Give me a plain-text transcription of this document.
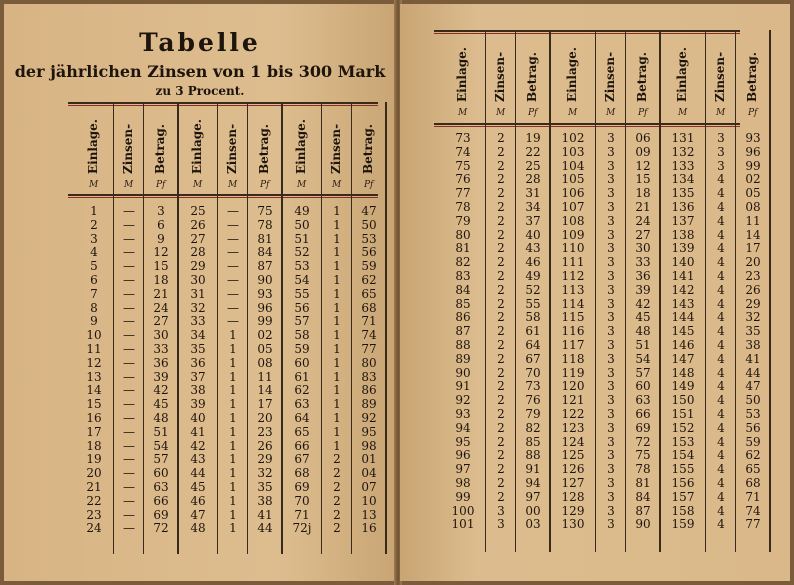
Tabelle
der jährlichen Zinsen von 1 bis 300 Mark
zu 3 Procent.
Einlage.
M
1
2
3
4
5
6
7
8
9
10
11
12
13
14
15
16
17
18
19
20
21
22
23
24
Zinsen-
M
—
—
—
—
—
—
—
—
—
—
—
—
—
—
—
—
—
—
—
—
—
—
—
—
Betrag.
Pf
3
6
9
12
15
18
21
24
27
30
33
36
39
42
45
48
51
54
57
60
63
66
69
72
Einlage.
M
25
26
27
28
29
30
31
32
33
34
35
36
37
38
39
40
41
42
43
44
45
46
47
48
Zinsen-
M
—
—
—
—
—
—
—
—
—
1
1
1
1
1
1
1
1
1
1
1
1
1
1
1
Betrag.
Pf
75
78
81
84
87
90
93
96
99
02
05
08
11
14
17
20
23
26
29
32
35
38
41
44
Einlage.
M
49
50
51
52
53
54
55
56
57
58
59
60
61
62
63
64
65
66
67
68
69
70
71
72j
Zinsen-
M
1
1
1
1
1
1
1
1
1
1
1
1
1
1
1
1
1
1
2
2
2
2
2
2
Betrag.
Pf
47
50
53
56
59
62
65
68
71
74
77
80
83
86
89
92
95
98
01
04
07
10
13
16
Einlage.
M
73
74
75
76
77
78
79
80
81
82
83
84
85
86
87
88
89
90
91
92
93
94
95
96
97
98
99
100
101
Zinsen-
M
2
2
2
2
2
2
2
2
2
2
2
2
2
2
2
2
2
2
2
2
2
2
2
2
2
2
2
3
3
Betrag.
Pf
19
22
25
28
31
34
37
40
43
46
49
52
55
58
61
64
67
70
73
76
79
82
85
88
91
94
97
00
03
Einlage.
M
102
103
104
105
106
107
108
109
110
111
112
113
114
115
116
117
118
119
120
121
122
123
124
125
126
127
128
129
130
Zinsen-
M
3
3
3
3
3
3
3
3
3
3
3
3
3
3
3
3
3
3
3
3
3
3
3
3
3
3
3
3
3
Betrag.
Pf
06
09
12
15
18
21
24
27
30
33
36
39
42
45
48
51
54
57
60
63
66
69
72
75
78
81
84
87
90
Einlage.
M
131
132
133
134
135
136
137
138
139
140
141
142
143
144
145
146
147
148
149
150
151
152
153
154
155
156
157
158
159
Zinsen-
M
3
3
3
4
4
4
4
4
4
4
4
4
4
4
4
4
4
4
4
4
4
4
4
4
4
4
4
4
4
Betrag.
Pf
93
96
99
02
05
08
11
14
17
20
23
26
29
32
35
38
41
44
47
50
53
56
59
62
65
68
71
74
77
